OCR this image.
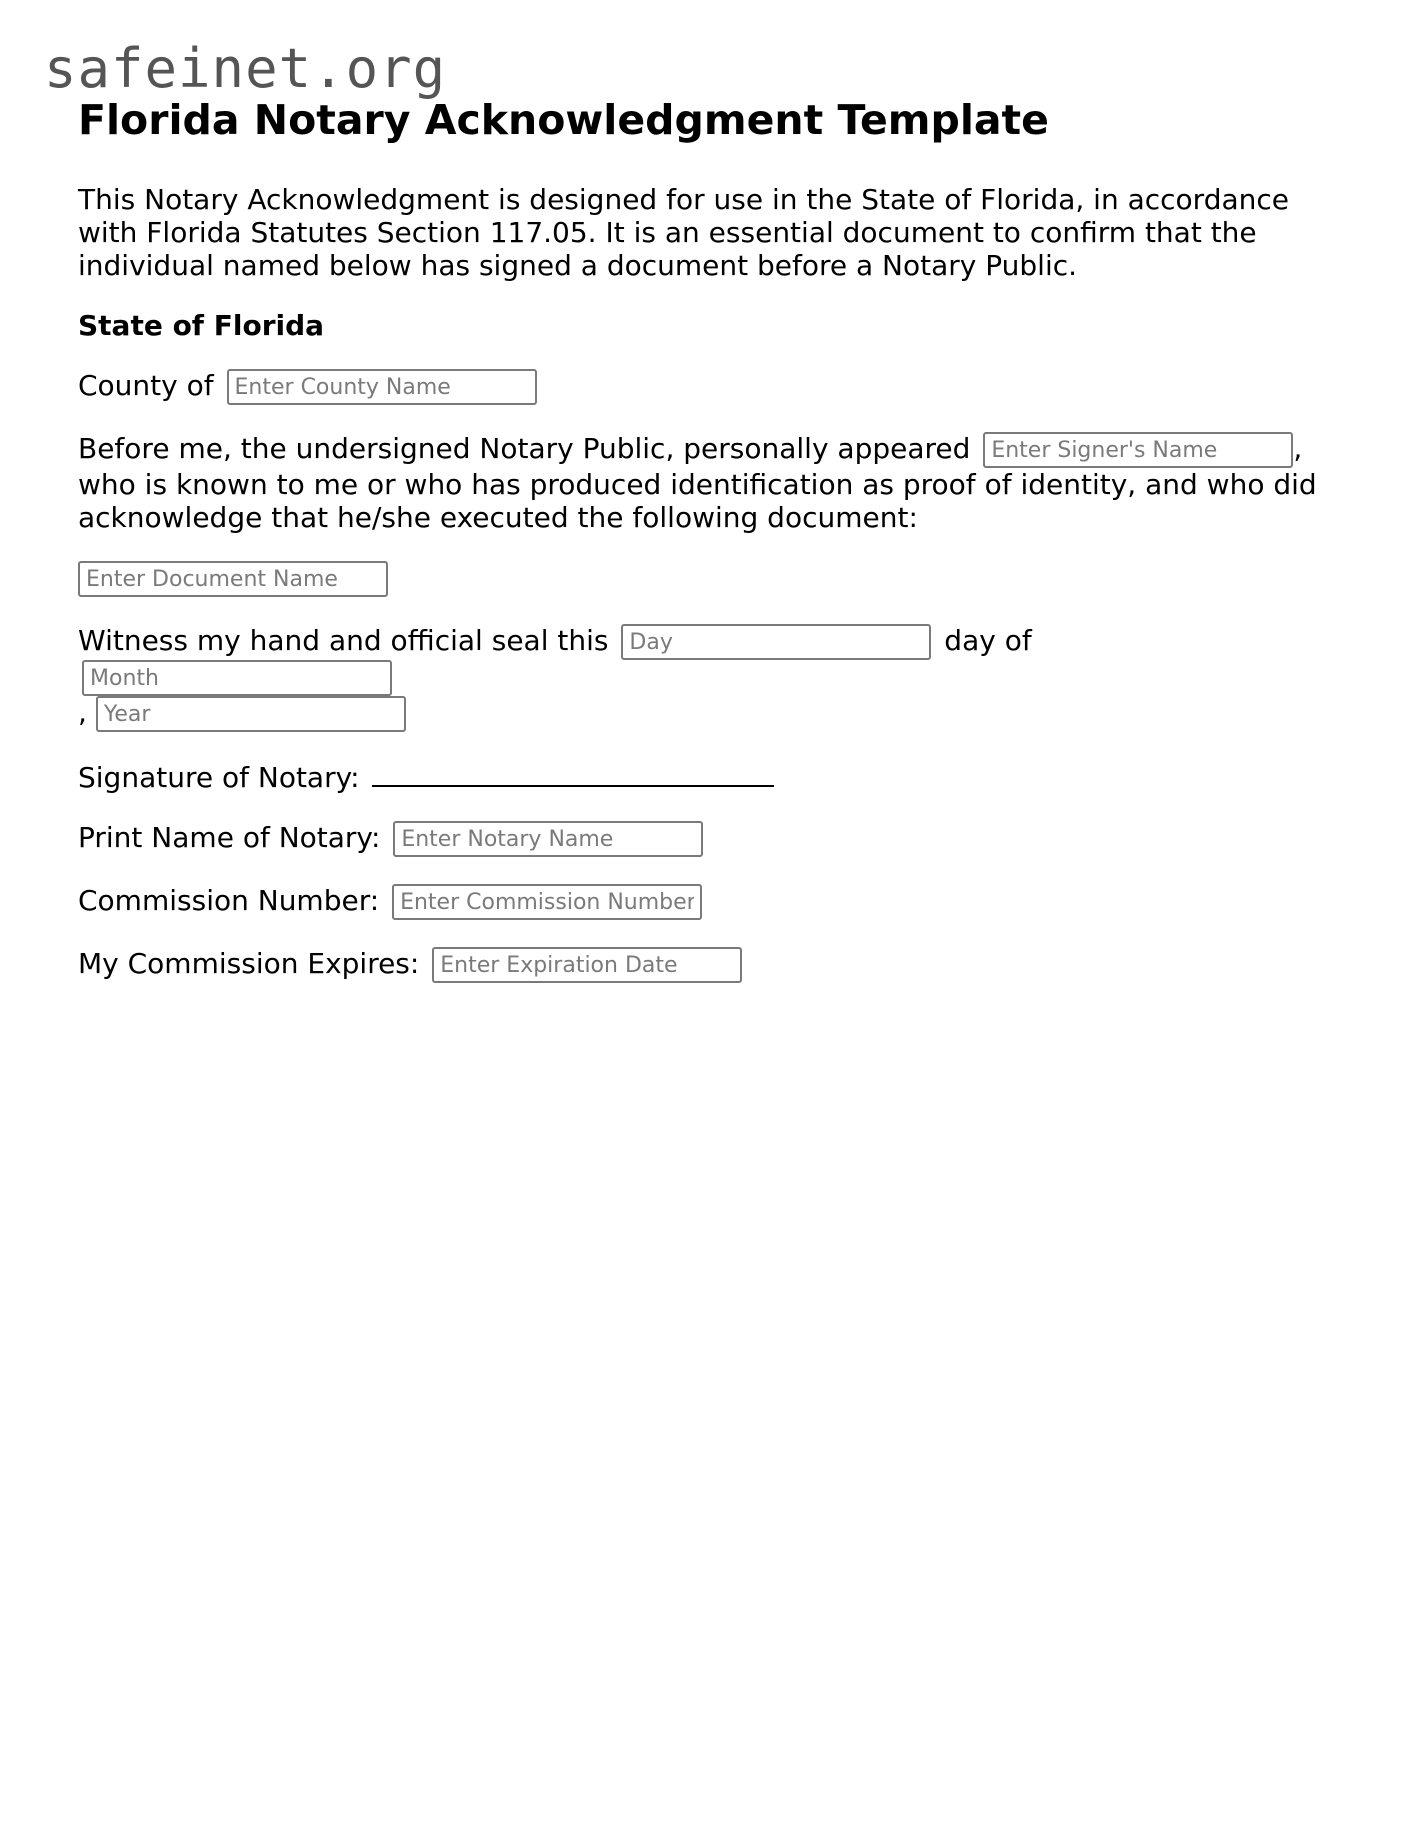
safeinet.org
Florida Notary Acknowledgment Template

This Notary Acknowledgment is designed for use in the State of Florida, in accordance with Florida Statutes Section 117.05. It is an essential document to confirm that the individual named below has signed a document before a Notary Public.

State of Florida

County of Enter County Name

Before me, the undersigned Notary Public, personally appeared Enter Signer's Name	, who is known to me or who has produced identification as proof of identity, and who did acknowledge that he/she executed the following document:

Enter Document Name

Witness my hand and official seal this Day	day of Month
, Year

Signature of Notary:

Print Name of Notary: Enter Notary Name

Commission Number: Enter Commission Number

My Commission Expires: Enter Expiration Date
